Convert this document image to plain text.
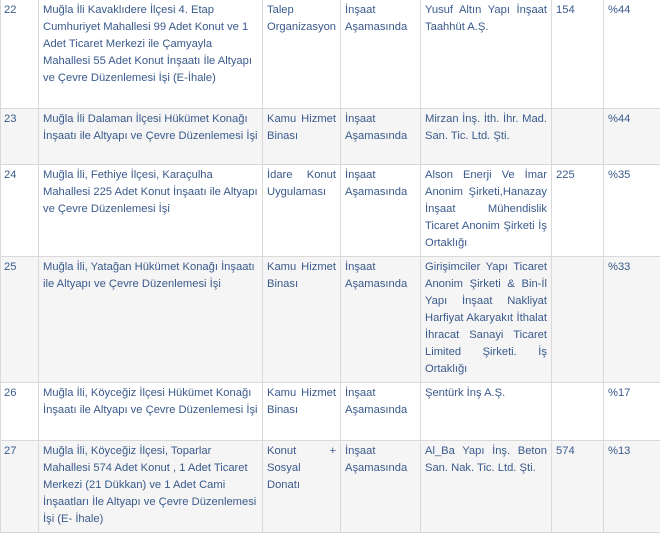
22	Muğla İli Kavaklıdere İlçesi 4. Etap Cumhuriyet Mahallesi 99 Adet Konut ve 1 Adet Ticaret Merkezi ile Çamyayla Mahallesi 55 Adet Konut İnşaatı İle Altyapı ve Çevre Düzenlemesi İşi (E-İhale)	Talep Organizasyon	İnşaat Aşamasında	Yusuf Altın Yapı İnşaat Taahhüt A.Ş.	154	%44
23	Muğla İli Dalaman İlçesi Hükümet Konağı İnşaatı ile Altyapı ve Çevre Düzenlemesi İşi	Kamu Hizmet Binası	İnşaat Aşamasında	Mirzan İnş. İth. İhr. Mad. San. Tic. Ltd. Şti.		%44
24	Muğla İli, Fethiye İlçesi, Karaçulha Mahallesi 225 Adet Konut İnşaatı ile Altyapı ve Çevre Düzenlemesi İşi	İdare Konut Uygulaması	İnşaat Aşamasında	Alson Enerji Ve İmar Anonim Şirketi,Hanazay İnşaat Mühendislik Ticaret Anonim Şirketi İş Ortaklığı	225	%35
25	Muğla İli, Yatağan Hükümet Konağı İnşaatı ile Altyapı ve Çevre Düzenlemesi İşi	Kamu Hizmet Binası	İnşaat Aşamasında	Girişimciler Yapı Ticaret Anonim Şirketi & Bin-İl Yapı İnşaat Nakliyat Harfiyat Akaryakıt İthalat İhracat Sanayi Ticaret Limited Şirketi. İş Ortaklığı		%33
26	Muğla İli, Köyceğiz İlçesi Hükümet Konağı İnşaatı ile Altyapı ve Çevre Düzenlemesi İşi	Kamu Hizmet Binası	İnşaat Aşamasında	Şentürk İnş A.Ş.		%17
27	Muğla İli, Köyceğiz İlçesi, Toparlar Mahallesi 574 Adet Konut , 1 Adet Ticaret Merkezi (21 Dükkan) ve 1 Adet Cami İnşaatları İle Altyapı ve Çevre Düzenlemesi İşi (E- İhale)	Konut + Sosyal Donatı	İnşaat Aşamasında	Al_Ba Yapı İnş. Beton San. Nak. Tic. Ltd. Şti.	574	%13
